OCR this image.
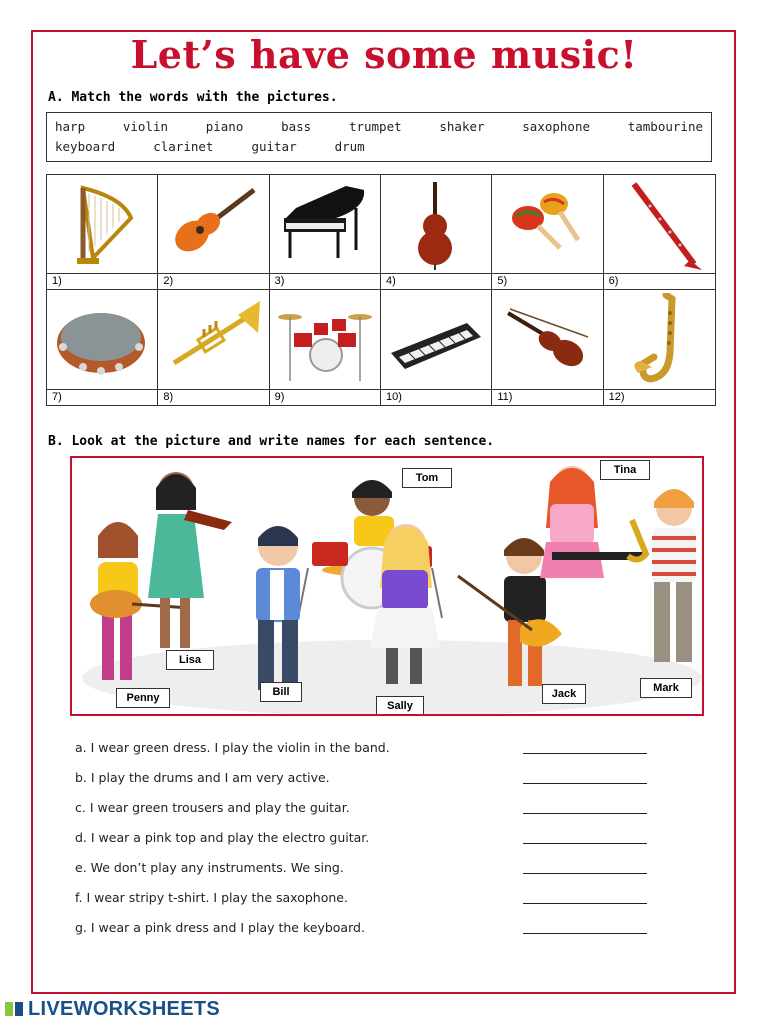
Let’s have some music!
A. Match the words with the pictures.
harp	violin	piano	bass	trumpet	shaker	saxophone	tambourine
keyboard	clarinet	guitar	drum
1)	2)	3)	4)	5)	6)
7)	8)	9)	10)	11)	12)
B. Look at the picture and write names for each sentence.
Tom
Tina
Lisa
Penny	Bill
Sally
Jack	Mark
a. I wear green dress. I play the violin in the band.
b. I play the drums and I am very active.
c. I wear green trousers and play the guitar.
d. I wear a pink top and play the electro guitar.
e. We don’t play any instruments. We sing.
f. I wear stripy t-shirt. I play the saxophone.
g. I wear a pink dress and I play the keyboard.
LIVEWORKSHEETS
